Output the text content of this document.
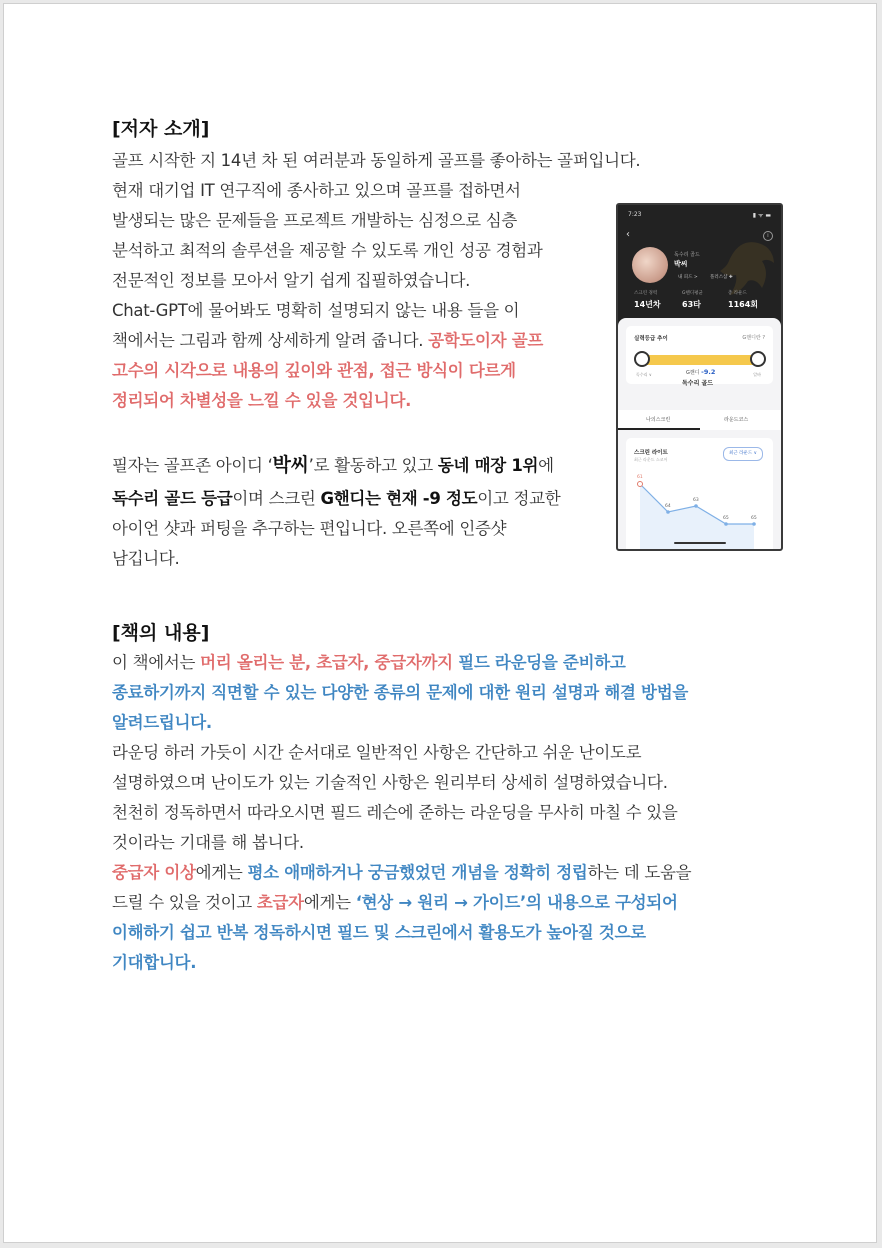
[저자 소개]
골프 시작한 지 14년 차 된 여러분과 동일하게 골프를 좋아하는 골퍼입니다.
현재 대기업 IT 연구직에 종사하고 있으며 골프를 접하면서
발생되는 많은 문제들을 프로젝트 개발하는 심정으로 심층
분석하고 최적의 솔루션을 제공할 수 있도록 개인 성공 경험과
전문적인 정보를 모아서 알기 쉽게 집필하였습니다.
Chat-GPT에 물어봐도 명확히 설명되지 않는 내용 들을 이
책에서는 그림과 함께 상세하게 알려 줍니다. 공학도이자 골프
고수의 시각으로 내용의 깊이와 관점, 접근 방식이 다르게
정리되어 차별성을 느낄 수 있을 것입니다.
필자는 골프존 아이디 ‘박씨’로 활동하고 있고 동네 매장 1위에
독수리 골드 등급이며 스크린 G핸디는 현재 -9 정도이고 정교한
아이언 샷과 퍼팅을 추구하는 편입니다. 오른쪽에 인증샷
남깁니다.
7:23	▮ ᯤ ▬
‹	i
독수리 골드
박씨
내 피드 >	플러스샵 ✚
스크린 경력
14년차
G핸디평균
63타
총 라운드
1164회
실력등급 추이	G핸디란 ?
독수리 ∨	알바
G핸디 -9.2
독수리 골드
나의스크린	라운드코스
스크린 라이트
최근 라운드 스코어
최근 라운드 ∨
61
64
63
65	65
[책의 내용]
이 책에서는 머리 올리는 분, 초급자, 중급자까지 필드 라운딩을 준비하고
종료하기까지 직면할 수 있는 다양한 종류의 문제에 대한 원리 설명과 해결 방법을
알려드립니다.
라운딩 하러 가듯이 시간 순서대로 일반적인 사항은 간단하고 쉬운 난이도로
설명하였으며 난이도가 있는 기술적인 사항은 원리부터 상세히 설명하였습니다.
천천히 정독하면서 따라오시면 필드 레슨에 준하는 라운딩을 무사히 마칠 수 있을
것이라는 기대를 해 봅니다.
중급자 이상에게는 평소 애매하거나 궁금했었던 개념을 정확히 정립하는 데 도움을
드릴 수 있을 것이고 초급자에게는 ‘현상 → 원리 → 가이드’의 내용으로 구성되어
이해하기 쉽고 반복 정독하시면 필드 및 스크린에서 활용도가 높아질 것으로
기대합니다.
